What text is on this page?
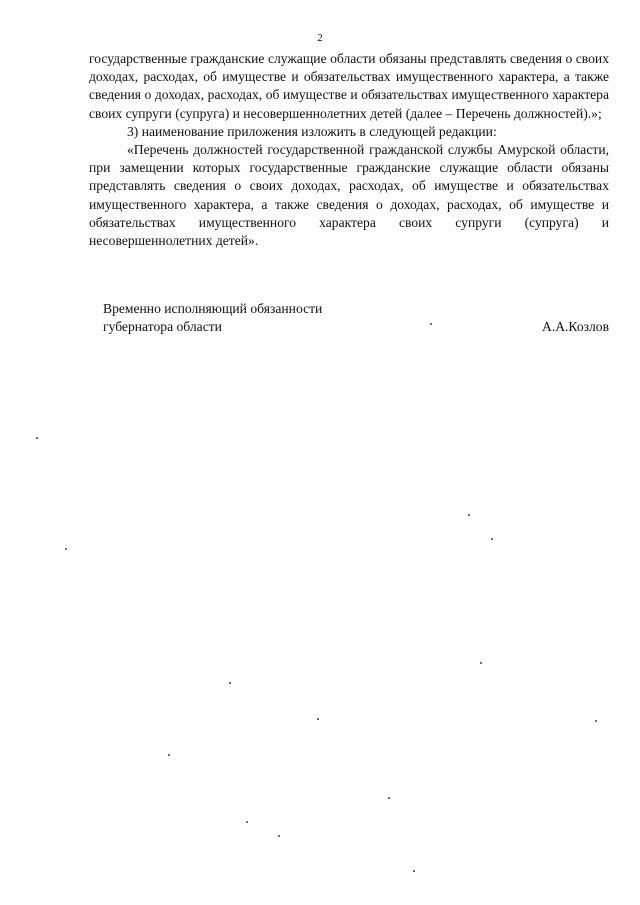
2

государственные гражданские служащие области обязаны представлять сведения о своих доходах, расходах, об имуществе и обязательствах имущественного характера, а также сведения о доходах, расходах, об имуществе и обязательствах имущественного характера своих супруги (супруга) и несовершеннолетних детей (далее – Перечень должностей).»;

3) наименование приложения изложить в следующей редакции:

«Перечень должностей государственной гражданской службы Амурской области, при замещении которых государственные гражданские служащие области обязаны представлять сведения о своих доходах, расходах, об имуществе и обязательствах имущественного характера, а также сведения о доходах, расходах, об имуществе и обязательствах имущественного характера своих супруги (супруга) и несовершеннолетних детей».

Временно исполняющий обязанности
губернатора области	А.А.Козлов
